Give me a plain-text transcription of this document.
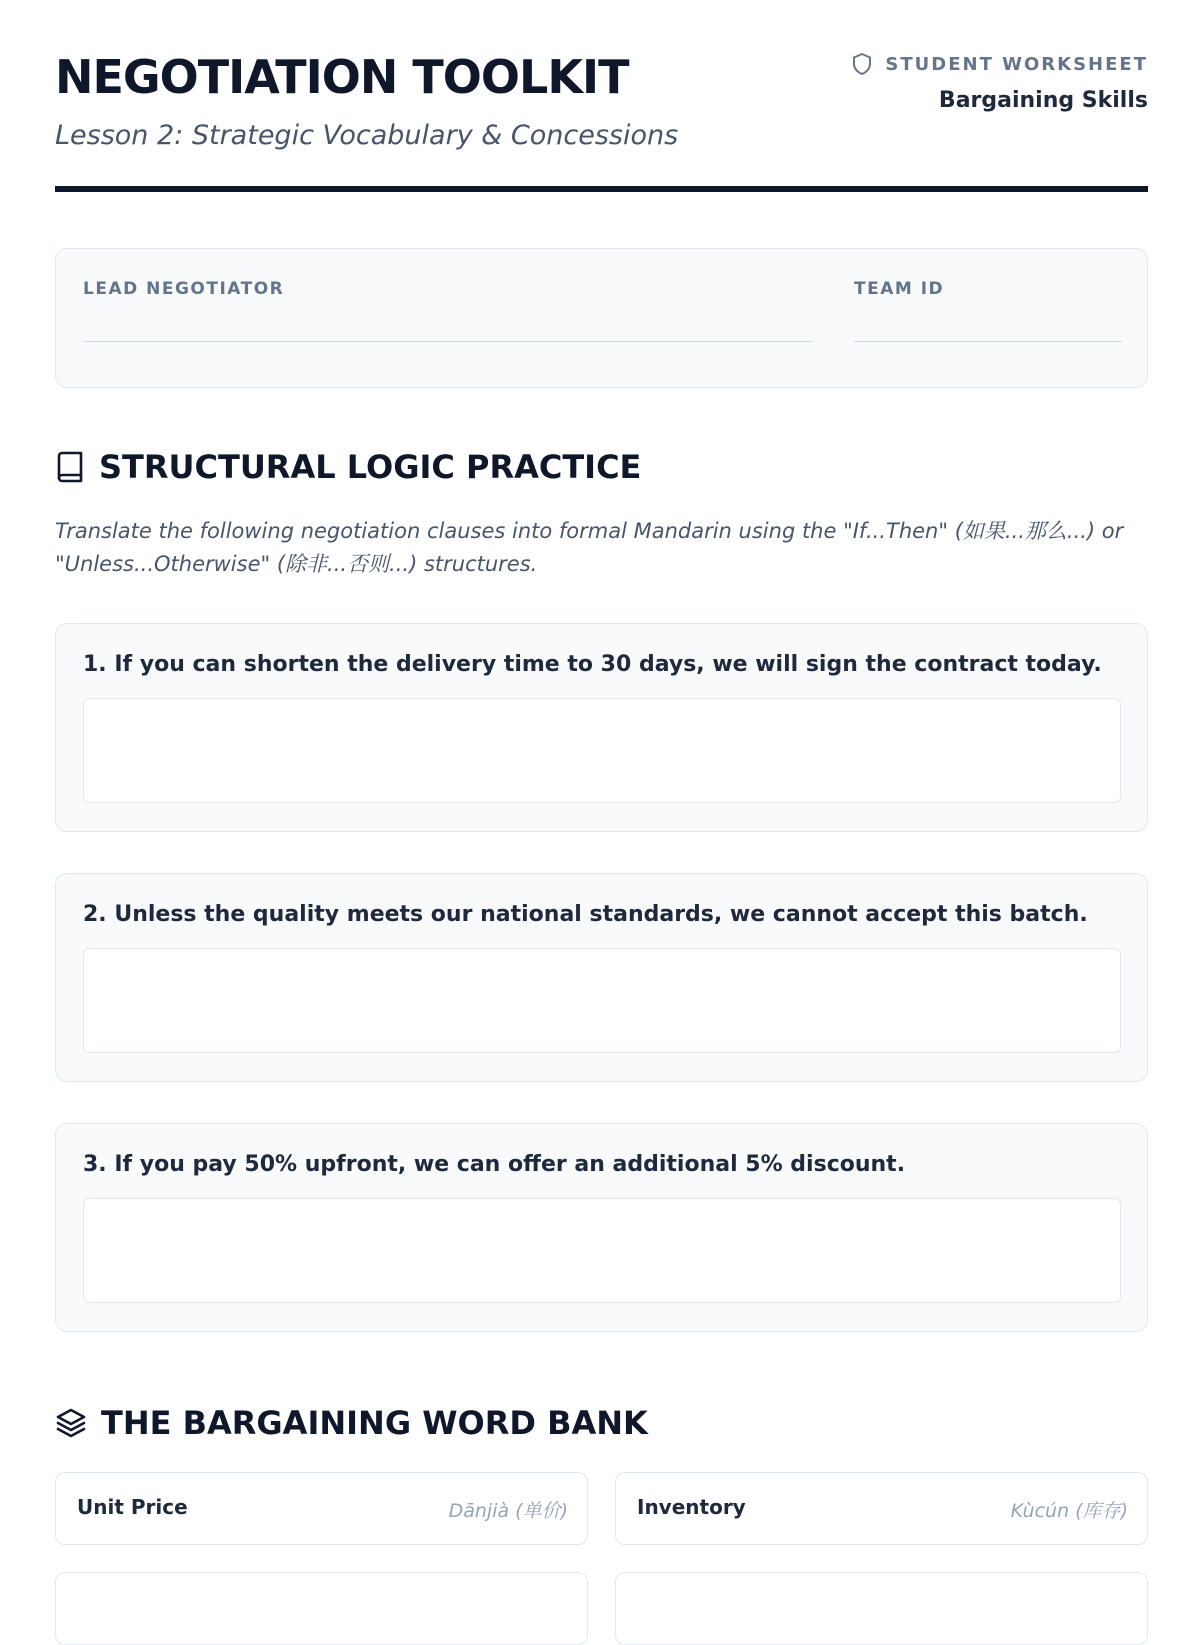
NEGOTIATION TOOLKIT

Lesson 2: Strategic Vocabulary & Concessions

STUDENT WORKSHEET
Bargaining Skills
LEAD NEGOTIATOR	TEAM ID
STRUCTURAL LOGIC PRACTICE

Translate the following negotiation clauses into formal Mandarin using the "If...Then" (如果...那么...) or "Unless...Otherwise" (除非...否则...) structures.

1. If you can shorten the delivery time to 30 days, we will sign the contract today.
2. Unless the quality meets our national standards, we cannot accept this batch.
3. If you pay 50% upfront, we can offer an additional 5% discount.
THE BARGAINING WORD BANK
Unit Price	Dānjià (单价)	Inventory	Kùcún (库存)
